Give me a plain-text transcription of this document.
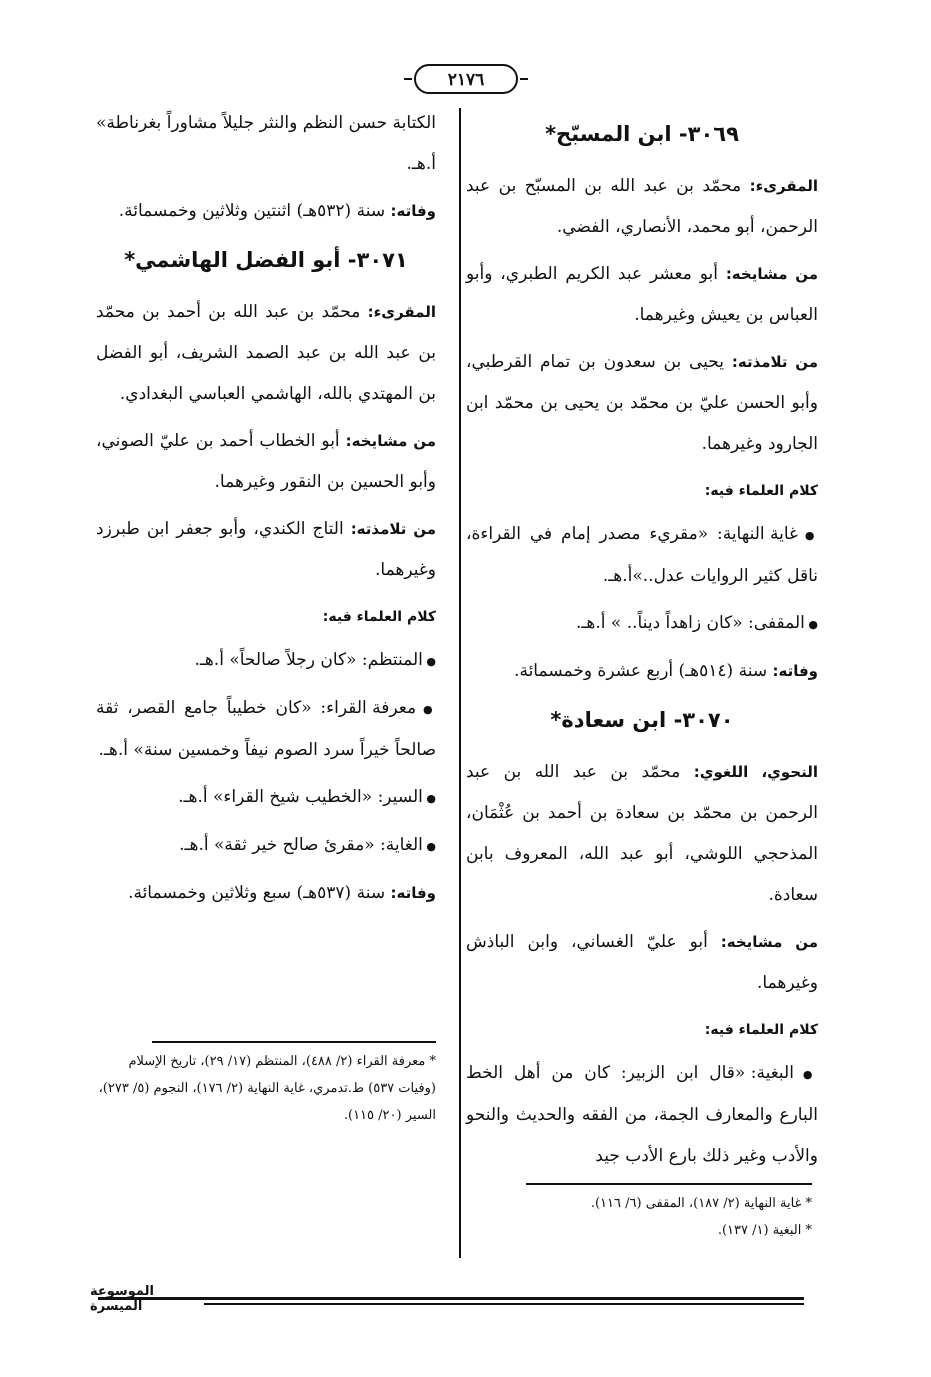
٢١٧٦
٣٠٦٩- ابن المسبّح*

المقرىء: محمّد بن عبد الله بن المسبّح بن عبد الرحمن، أبو محمد، الأنصاري، الفضي.

من مشايخه: أبو معشر عبد الكريم الطبري، وأبو العباس بن يعيش وغيرهما.

من تلامذته: يحيى بن سعدون بن تمام القرطبي، وأبو الحسن عليّ بن محمّد بن يحيى بن محمّد ابن الجارود وغيرهما.

كلام العلماء فيه:

● غاية النهاية: «مقريء مصدر إمام في القراءة، ناقل كثير الروايات عدل..»أ.هـ.

● المقفى: «كان زاهداً ديناً.. » أ.هـ.

وفاته: سنة (٥١٤هـ) أربع عشرة وخمسمائة.

٣٠٧٠- ابن سعادة*

النحوي، اللغوي: محمّد بن عبد الله بن عبد الرحمن بن محمّد بن سعادة بن أحمد بن عُثْمَان، المذحجي اللوشي، أبو عبد الله، المعروف بابن سعادة.

من مشايخه: أبو عليّ الغساني، وابن الباذش وغيرهما.

كلام العلماء فيه:

● البغية: «قال ابن الزبير: كان من أهل الخط البارع والمعارف الجمة، من الفقه والحديث والنحو والأدب وغير ذلك بارع الأدب جيد

* غاية النهاية (٢/ ١٨٧)، المقفى (٦/ ١١٦).
* البغية (١/ ١٣٧).

الكتابة حسن النظم والنثر جليلاً مشاوراً بغرناطة» أ.هـ.

وفاته: سنة (٥٣٢هـ) اثنتين وثلاثين وخمسمائة.

٣٠٧١- أبو الفضل الهاشمي*

المقرىء: محمّد بن عبد الله بن أحمد بن محمّد بن عبد الله بن عبد الصمد الشريف، أبو الفضل بن المهتدي بالله، الهاشمي العباسي البغدادي.

من مشايخه: أبو الخطاب أحمد بن عليّ الصوني، وأبو الحسين بن النقور وغيرهما.

من تلامذته: التاج الكندي، وأبو جعفر ابن طبرزد وغيرهما.

كلام العلماء فيه:

● المنتظم: «كان رجلاً صالحاً» أ.هـ.

● معرفة القراء: «كان خطيباً جامع القصر، ثقة صالحاً خيراً سرد الصوم نيفاً وخمسين سنة» أ.هـ.

● السير: «الخطيب شيخ القراء» أ.هـ.

● الغاية: «مقرئ صالح خير ثقة» أ.هـ.

وفاته: سنة (٥٣٧هـ) سبع وثلاثين وخمسمائة.

* معرفة القراء (٢/ ٤٨٨)، المنتظم (١٧/ ٢٩)، تاريخ الإسلام (وفيات ٥٣٧) ط.تدمري، غاية النهاية (٢/ ١٧٦)، النجوم (٥/ ٢٧٣)، السير (٢٠/ ١١٥).
الموسوعة الميسرة
